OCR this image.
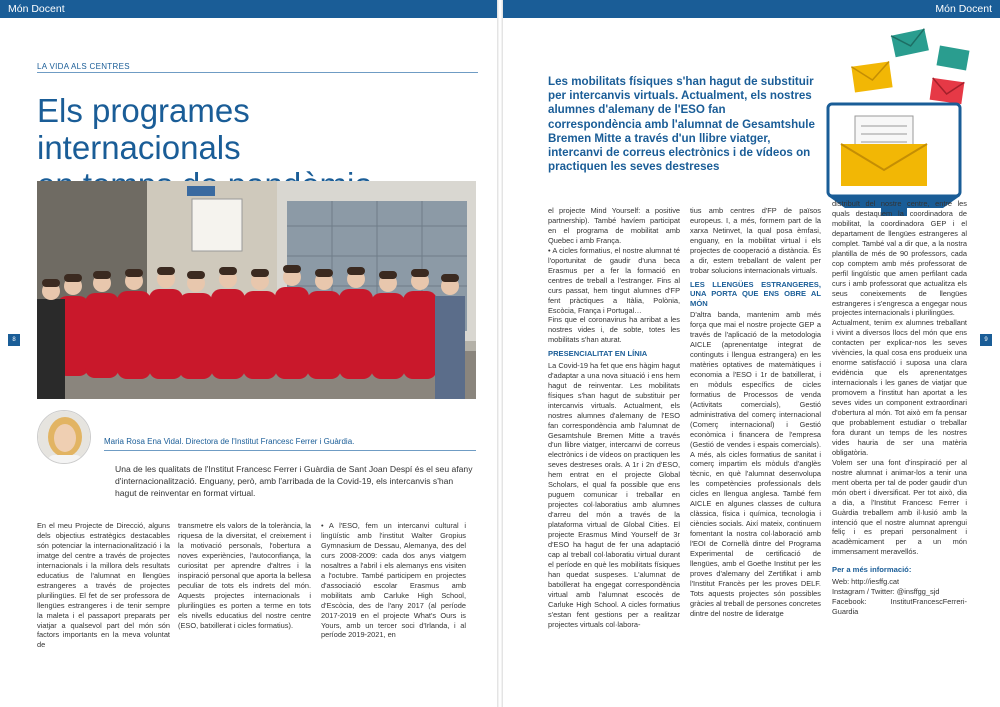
Món Docent	Món Docent
8	9
LA VIDA ALS CENTRES
Els programes internacionals

Maria Rosa Ena Vidal. Directora de l'Institut Francesc Ferrer i Guàrdia.

Una de les qualitats de l'Institut Francesc Ferrer i Guàrdia de Sant Joan Despí és el seu afany d'internacionalització. Enguany, però, amb l'arribada de la Covid-19, els intercanvis s'han hagut de reinventar en format virtual.

En el meu Projecte de Direcció, alguns dels objectius estratègics destacables són potenciar la internacionalització i la imatge del centre a través de projectes internacionals i la millora dels resultats educatius de l'alumnat en llengües estrangeres a través de projectes plurilingües. El fet de ser professora de llengües estrangeres i de tenir sempre la maleta i el passaport preparats per viatjar a qualsevol part del món són factors importants en la meva voluntat de

transmetre els valors de la tolerància, la riquesa de la diversitat, el creixement i la motivació personals, l'obertura a noves experiències, l'autoconfiança, la curiositat per aprendre d'altres i la inspiració personal que aporta la bellesa peculiar de tots els indrets del món. Aquests projectes internacionals i plurilingües es porten a terme en tots els nivells educatius del nostre centre (ESO, batxillerat i cicles formatius).

• A l'ESO, fem un intercanvi cultural i lingüístic amb l'institut Walter Gropius Gymnasium de Dessau, Alemanya, des del curs 2008-2009: cada dos anys viatgem nosaltres a l'abril i els alemanys ens visiten a l'octubre. També participem en projectes d'associació escolar Erasmus amb mobilitats amb Carluke High School, d'Escòcia, des de l'any 2017 (al període 2017-2019 en el projecte What's Ours is Yours, amb un tercer soci d'Irlanda, i al període 2019-2021, en

Les mobilitats físiques s'han hagut de substituir per intercanvis virtuals. Actualment, els nostres alumnes d'alemany de l'ESO fan correspondència amb l'alumnat de Gesamtshule Bremen Mitte a través d'un llibre viatger, intercanvi de correus electrònics i de vídeos on practiquen les seves destreses

el projecte Mind Yourself: a positive partnership). També havíem participat en el programa de mobilitat amb Quebec i amb França.

• A cicles formatius, el nostre alumnat té l'oportunitat de gaudir d'una beca Erasmus per a fer la formació en centres de treball a l'estranger. Fins al curs passat, hem tingut alumnes d'FP fent pràctiques a Itàlia, Polònia, Escòcia, França i Portugal…

Fins que el coronavirus ha arribat a les nostres vides i, de sobte, totes les mobilitats s'han aturat.

PRESENCIALITAT EN LÍNIA

La Covid-19 ha fet que ens hàgim hagut d'adaptar a una nova situació i ens hem hagut de reinventar. Les mobilitats físiques s'han hagut de substituir per intercanvis virtuals. Actualment, els nostres alumnes d'alemany de l'ESO fan correspondència amb l'alumnat de Gesamtshule Bremen Mitte a través d'un llibre viatger, intercanvi de correus electrònics i de vídeos on practiquen les seves destreses orals. A 1r i 2n d'ESO, hem entrat en el projecte Global Scholars, el qual fa possible que ens puguem comunicar i treballar en projectes col·laboratius amb alumnes d'arreu del món a través de la plataforma virtual de Global Cities. El projecte Erasmus Mind Yourself de 3r d'ESO ha hagut de fer una adaptació cap al treball col·laboratiu virtual durant el període en què les mobilitats físiques han quedat suspeses. L'alumnat de batxillerat ha engegat correspondència virtual amb l'alumnat escocès de Carluke High School. A cicles formatius s'estan fent gestions per a realitzar projectes virtuals col·labora-

tius amb centres d'FP de països europeus. I, a més, formem part de la xarxa Netinvet, la qual posa èmfasi, enguany, en la mobilitat virtual i els projectes de cooperació a distància. És a dir, estem treballant de valent per trobar solucions internacionals virtuals.

LES LLENGÜES ESTRANGERES, UNA PORTA QUE ENS OBRE AL MÓN

D'altra banda, mantenim amb més força que mai el nostre projecte GEP a través de l'aplicació de la metodologia AICLE (aprenentatge integrat de continguts i llengua estrangera) en les matèries optatives de matemàtiques i economia a l'ESO i 1r de batxillerat, i en mòduls específics de cicles formatius de Processos de venda (Activitats comercials), Gestió administrativa del comerç internacional (Comerç internacional) i Gestió econòmica i financera de l'empresa (Gestió de vendes i espais comercials). A més, als cicles formatius de sanitat i comerç impartim els mòduls d'anglès tècnic, en què l'alumnat desenvolupa les competències professionals dels cicles en llengua anglesa. També fem AICLE en algunes classes de cultura clàssica, física i química, tecnologia i ciències socials. Així mateix, continuem fomentant la nostra col·laboració amb l'EOI de Cornellà dintre del Programa Experimental de certificació de llengües, amb el Goethe Institut per les proves d'alemany del Zertifikat i amb l'Institut Francès per les proves DELF. Tots aquests projectes són possibles gràcies al treball de persones concretes dintre del nostre de lideratge

distribuït del nostre centre, entre les quals destaquem la coordinadora de mobilitat, la coordinadora GEP i el departament de llengües estrangeres al complet. També val a dir que, a la nostra plantilla de més de 90 professors, cada cop comptem amb més professorat de perfil lingüístic que amen perfilant cada curs i amb professorat que actualitza els seus coneixements de llengües estrangeres i s'engresca a engegar nous projectes internacionals i plurilingües.

Actualment, tenim ex alumnes treballant i vivint a diversos llocs del món que ens contacten per explicar-nos les seves vivències, la qual cosa ens produeix una enorme satisfacció i suposa una clara evidència que els aprenentatges internacionals i les ganes de viatjar que promovem a l'institut han aportat a les seves vides un component extraordinari d'obertura al món. Tot això em fa pensar que probablement estudiar o treballar fora durant un temps de les nostres vides hauria de ser una matèria obligatòria.

Volem ser una font d'inspiració per al nostre alumnat i animar-los a tenir una ment oberta per tal de poder gaudir d'un món obert i diversificat. Per tot això, dia a dia, a l'Institut Francesc Ferrer i Guàrdia treballem amb il·lusió amb la intenció que el nostre alumnat aprengui feliç i es prepari personalment i acadèmicament per a un món immensament meravellós.

Per a més informació:

Web: http://iesffg.cat

Instagram / Twitter: @insffgg_sjd

Facebook: InstitutFrancescFerreri-Guardia
